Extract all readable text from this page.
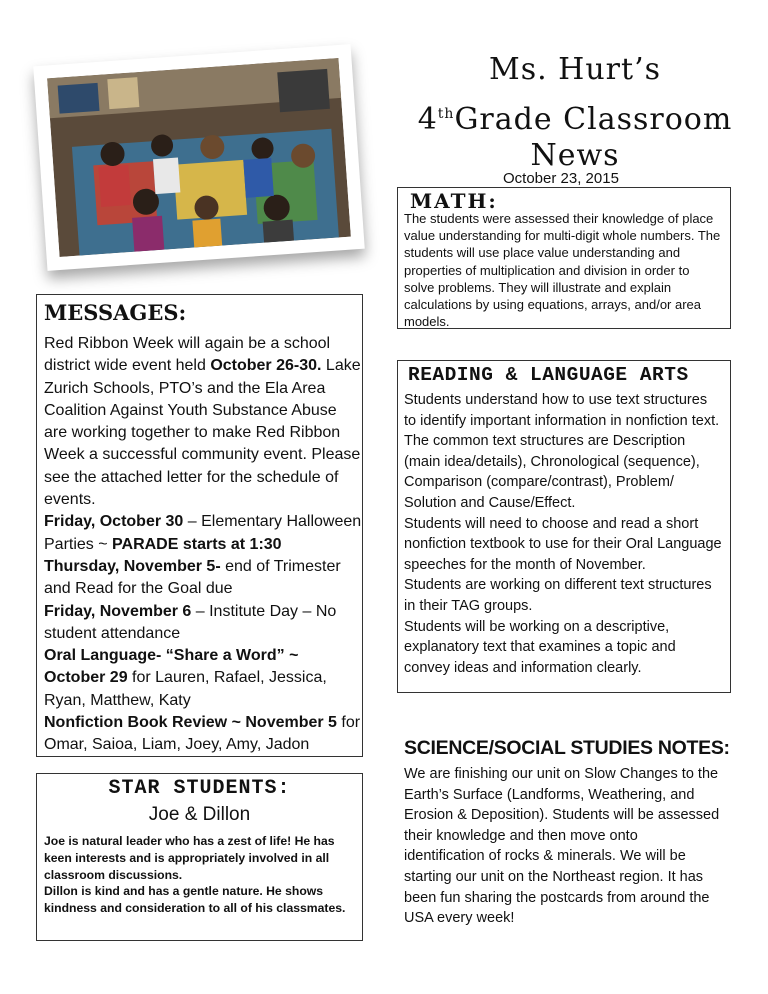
Ms. Hurt’s
4thGrade Classroom
News
October 23, 2015
MATH:
The students were assessed their knowledge of place value understanding for multi-digit whole numbers. The students will use place value understanding and properties of multiplication and division in order to solve problems. They will illustrate and explain calculations by using equations, arrays, and/or area models.
MESSAGES:

Red Ribbon Week will again be a school district wide event held October 26-30. Lake Zurich Schools, PTO’s and the Ela Area Coalition Against Youth Substance Abuse are working together to make Red Ribbon Week a successful community event. Please see the attached letter for the schedule of events.

Friday, October 30 – Elementary Halloween Parties ~ PARADE starts at 1:30

Thursday, November 5- end of Trimester and Read for the Goal due

Friday, November 6 – Institute Day – No student attendance

Oral Language- “Share a Word” ~ October 29 for Lauren, Rafael, Jessica, Ryan, Matthew, Katy

Nonfiction Book Review ~ November 5 for Omar, Saioa, Liam, Joey, Amy, Jadon

READING & LANGUAGE ARTS

Students understand how to use text structures to identify important information in nonfiction text. The common text structures are Description (main idea/details), Chronological (sequence), Comparison (compare/contrast), Problem/ Solution and Cause/Effect.

Students will need to choose and read a short nonfiction textbook to use for their Oral Language speeches for the month of November.

Students are working on different text structures in their TAG groups.

Students will be working on a descriptive, explanatory text that examines a topic and convey ideas and information clearly.

SCIENCE/SOCIAL STUDIES NOTES:
We are finishing our unit on Slow Changes to the Earth’s Surface (Landforms, Weathering, and Erosion & Deposition). Students will be assessed their knowledge and then move onto identification of rocks & minerals. We will be starting our unit on the Northeast region. It has been fun sharing the postcards from around the USA every week!
STAR STUDENTS:
Joe & Dillon

Joe is natural leader who has a zest of life! He has keen interests and is appropriately involved in all classroom discussions.

Dillon is kind and has a gentle nature. He shows kindness and consideration to all of his classmates.
